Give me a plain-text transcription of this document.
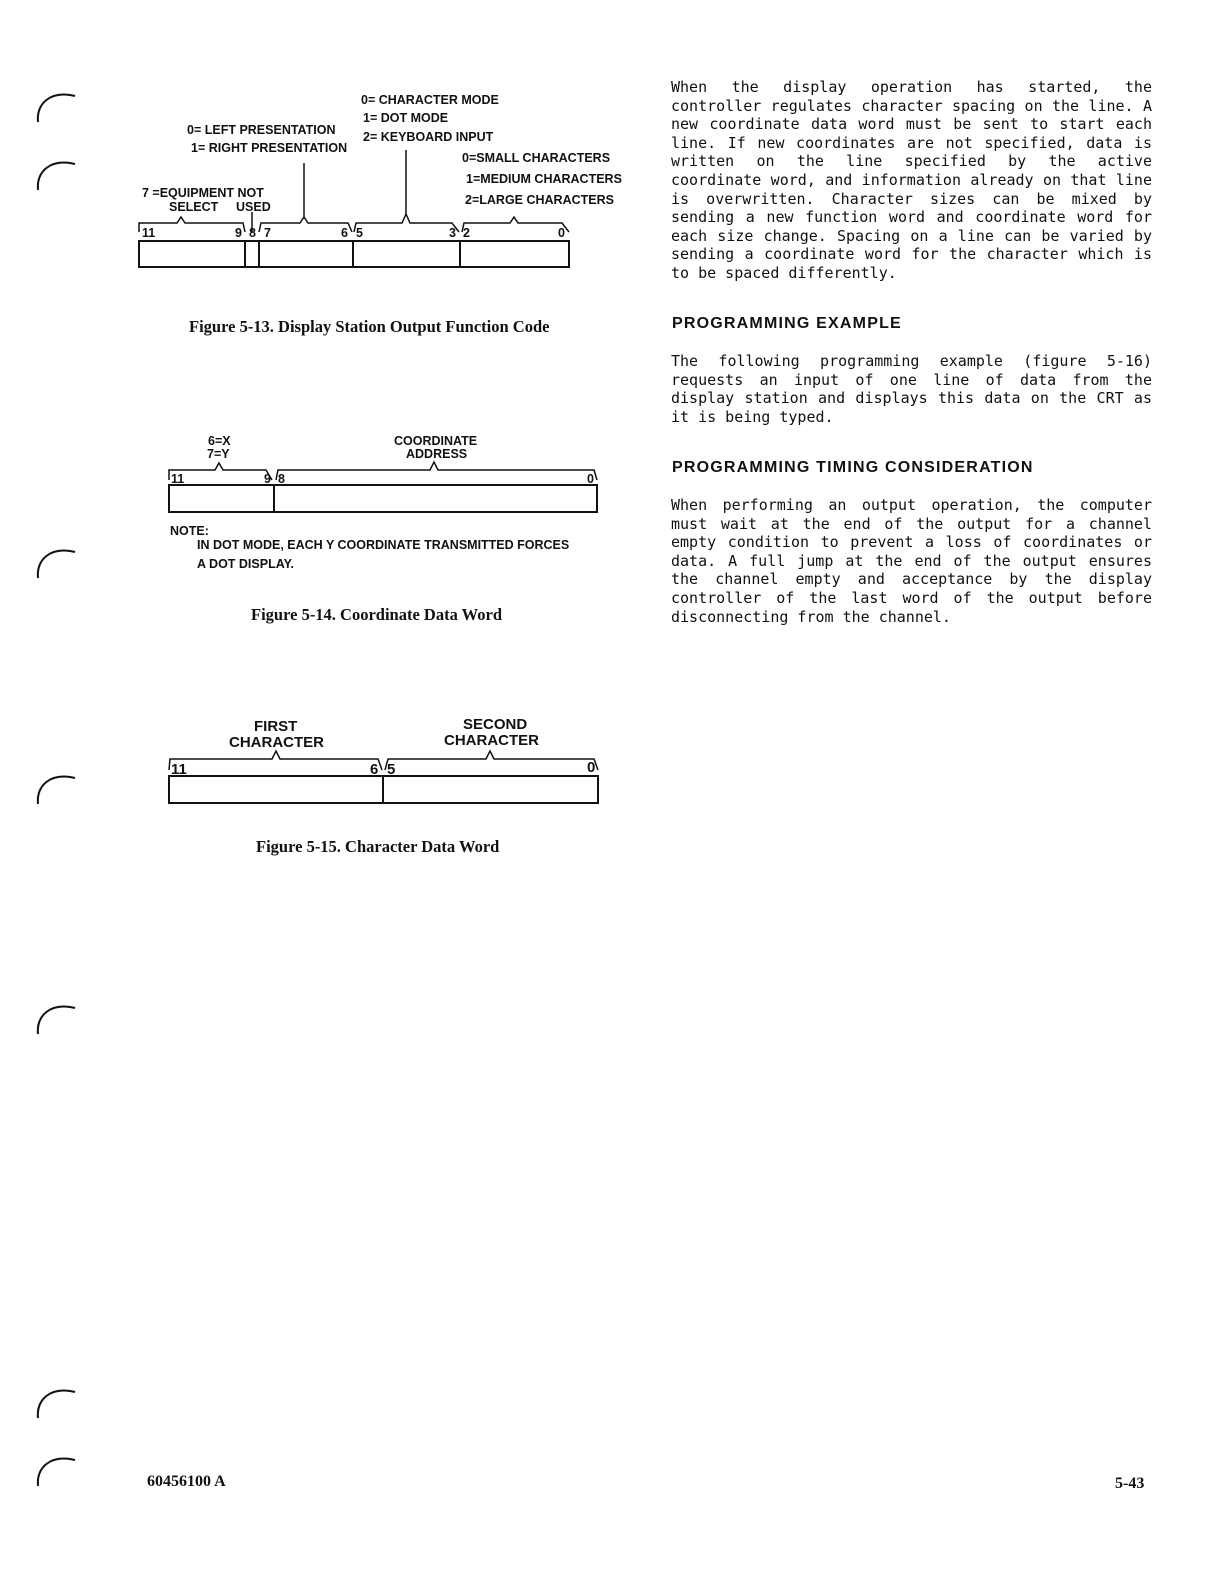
0= CHARACTER MODE
1= DOT MODE
2= KEYBOARD INPUT
0= LEFT PRESENTATION
1= RIGHT PRESENTATION
0=SMALL CHARACTERS
1=MEDIUM CHARACTERS
2=LARGE CHARACTERS
7 =EQUIPMENT NOT
SELECT USED
11	9 8 7	6 5	3 2	0
Figure 5-13. Display Station Output Function Code
6=X
7=Y
COORDINATE
ADDRESS
11	9 8	0
NOTE:
IN DOT MODE, EACH Y COORDINATE TRANSMITTED FORCES
A DOT DISPLAY.
Figure 5-14. Coordinate Data Word
FIRST
CHARACTER
SECOND
CHARACTER
11	6 5	0
Figure 5-15. Character Data Word
When the display operation has started, the controller regulates character spacing on the line. A new coordinate data word must be sent to start each line. If new coordinates are not specified, data is written on the line specified by the active coordinate word, and information already on that line is overwritten. Character sizes can be mixed by sending a new function word and coordinate word for each size change. Spacing on a line can be varied by sending a coordinate word for the character which is to be spaced differently.
PROGRAMMING EXAMPLE
The following programming example (figure 5-16) requests an input of one line of data from the display station and displays this data on the CRT as it is being typed.
PROGRAMMING TIMING CONSIDERATION
When performing an output operation, the computer must wait at the end of the output for a channel empty condition to prevent a loss of coordinates or data. A full jump at the end of the output ensures the channel empty and acceptance by the display controller of the last word of the output before disconnecting from the channel.
60456100 A	5-43
